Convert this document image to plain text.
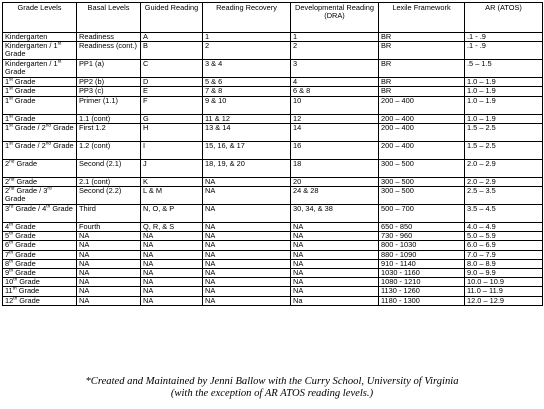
Grade Levels	Basal Levels	Guided Reading	Reading Recovery	Developmental Reading (DRA)	Lexile Framework	AR (ATOS)
Kindergarten	Readiness	A	1	1	BR	.1 - .9
Kindergarten / 1st Grade	Readiness (cont.)	B	2	2	BR	.1 - .9
Kindergarten / 1st Grade	PP1 (a)	C	3 & 4	3	BR	.5 – 1.5
1st Grade	PP2 (b)	D	5 & 6	4	BR	1.0 – 1.9
1st Grade	PP3 (c)	E	7 & 8	6 & 8	BR	1.0 – 1.9
1st Grade	Primer (1.1)	F	9 & 10	10	200 – 400	1.0 – 1.9
1st Grade	1.1 (cont)	G	11 & 12	12	200 – 400	1.0 – 1.9
1st Grade / 2nd Grade	First 1.2	H	13 & 14	14	200 – 400	1.5 – 2.5
1st Grade / 2nd Grade	1.2 (cont)	I	15, 16, & 17	16	200 – 400	1.5 – 2.5
2nd Grade	Second (2.1)	J	18, 19, & 20	18	300 – 500	2.0 – 2.9
2nd Grade	2.1 (cont)	K	NA	20	300 – 500	2.0 – 2.9
2nd Grade / 3rd Grade	Second (2.2)	L & M	NA	24 & 28	300 – 500	2.5 – 3.5
3rd Grade / 4th Grade	Third	N, O, & P	NA	30, 34, & 38	500 – 700	3.5 – 4.5
4th Grade	Fourth	Q, R, & S	NA	NA	650 - 850	4.0 – 4.9
5th Grade	NA	NA	NA	NA	730 - 960	5.0 – 5.9
6th Grade	NA	NA	NA	NA	800 - 1030	6.0 – 6.9
7th Grade	NA	NA	NA	NA	880 - 1090	7.0 – 7.9
8th Grade	NA	NA	NA	NA	910 - 1140	8.0 – 8.9
9th Grade	NA	NA	NA	NA	1030 - 1160	9.0 – 9.9
10th Grade	NA	NA	NA	NA	1080 - 1210	10.0 – 10.9
11th Grade	NA	NA	NA	NA	1130 - 1260	11.0 – 11.9
12th Grade	NA	NA	NA	Na	1180 - 1300	12.0 – 12.9
*Created and Maintained by Jenni Ballow with the Curry School, University of Virginia
(with the exception of AR ATOS reading levels.)
